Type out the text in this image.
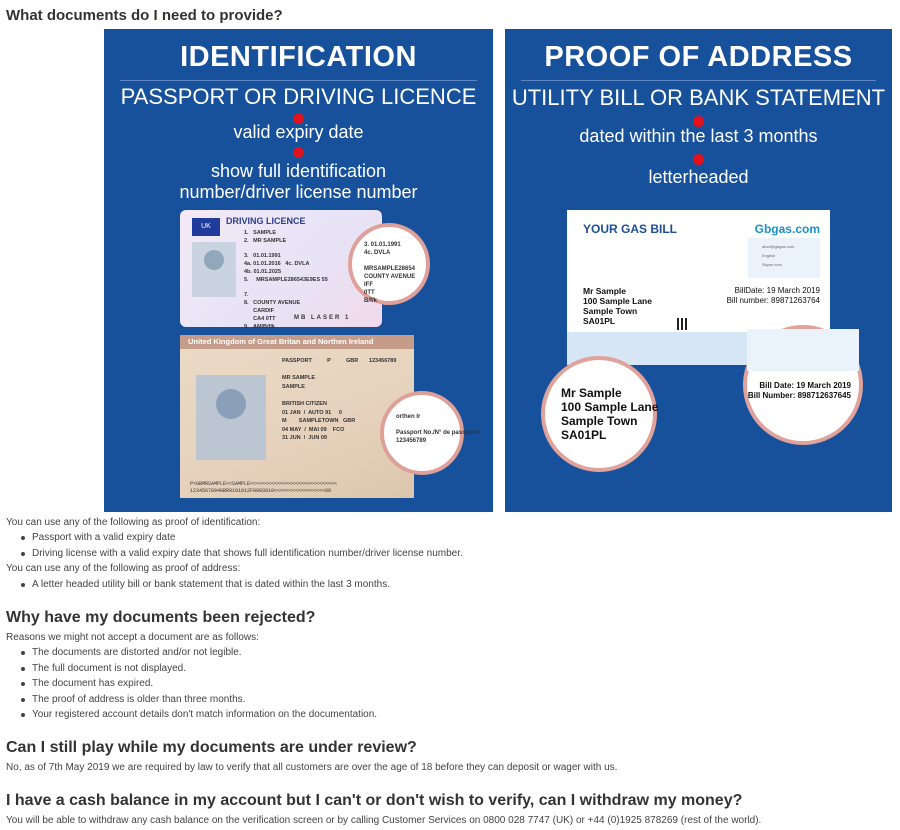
What documents do I need to provide?
IDENTIFICATION
PASSPORT OR DRIVING LICENCE
valid expiry date
show full identification
number/driver license number
UK
DRIVING LICENCE
1.   SAMPLE
2.   MR SAMPLE

3.   01.01.1991
4a. 01.01.2016   4c. DVLA
4b. 01.01.2025
5.     MRSAMPLE286543E9ES 55

7.
8.   COUNTY AVENUE
CARDIF
CA4 0TT
9.   AM/B/f/k
MB LASER 1
3. 01.01.1991
4c. DVLA

MRSAMPLE28654
COUNTY AVENUE
IFF
0TT
B/f/k
United Kingdom of Great Britan and Northen Ireland
PASSPORT          P          GBR       123456789

MR SAMPLE
SAMPLE

BRITISH CITIZEN
01 JAN  /  AUTO 91     0
M        SAMPLETOWN   GBR
04 MAY  /  MAI 09    FCO
31 JUN  /  JUN 09
P<GBMRSAMPLE<<SAMPLE<<<<<<<<<<<<<<<<<<<<<<<<<<<<<
1234567894GBR9101012F0903010<<<<<<<<<<<<<<<<<00
orthen Ir

Passport No./N° de passeport
123456789
PROOF OF ADDRESS
UTILITY BILL OR BANK STATEMENT
dated within the last 3 months
letterheaded
YOUR GAS BILL	Gbgas.com
abcd@gbgas.com
English
Skype.com
Mr Sample
100 Sample Lane
Sample Town
SA01PL
BillDate: 19 March 2019
Bill number: 89871263764
Mr Sample
100 Sample Lane
Sample Town
SA01PL
Bill Date: 19 March 2019
Bill Number: 898712637645
You can use any of the following as proof of identification:
Passport with a valid expiry date
Driving license with a valid expiry date that shows full identification number/driver license number.
You can use any of the following as proof of address:
A letter headed utility bill or bank statement that is dated within the last 3 months.
Why have my documents been rejected?
Reasons we might not accept a document are as follows:
The documents are distorted and/or not legible.
The full document is not displayed.
The document has expired.
The proof of address is older than three months.
Your registered account details don't match information on the documentation.
Can I still play while my documents are under review?
No, as of 7th May 2019 we are required by law to verify that all customers are over the age of 18 before they can deposit or wager with us.
I have a cash balance in my account but I can't or don't wish to verify, can I withdraw my money?
You will be able to withdraw any cash balance on the verification screen or by calling Customer Services on 0800 028 7747 (UK) or +44 (0)1925 878269 (rest of the world).
